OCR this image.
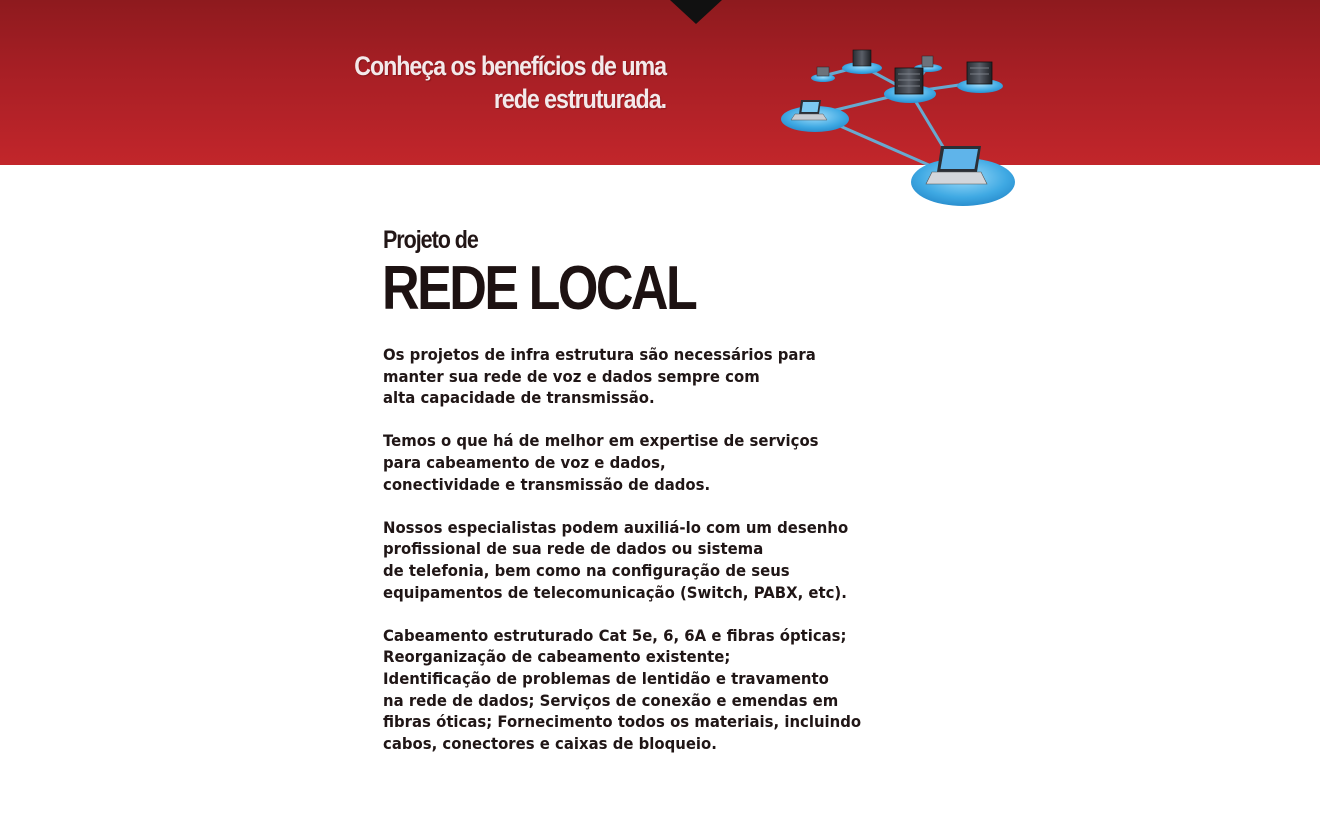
Conheça os benefícios de uma
rede estruturada.
Projeto de
REDE LOCAL

Os projetos de infra estrutura são necessários para
manter sua rede de voz e dados sempre com
alta capacidade de transmissão.

Temos o que há de melhor em expertise de serviços
para cabeamento de voz e dados,
conectividade e transmissão de dados.

Nossos especialistas podem auxiliá-lo com um desenho
profissional de sua rede de dados ou sistema
de telefonia, bem como na configuração de seus
equipamentos de telecomunicação (Switch, PABX, etc).

Cabeamento estruturado Cat 5e, 6, 6A e fibras ópticas;
Reorganização de cabeamento existente;
Identificação de problemas de lentidão e travamento
na rede de dados; Serviços de conexão e emendas em
fibras óticas; Fornecimento todos os materiais, incluindo
cabos, conectores e caixas de bloqueio.
